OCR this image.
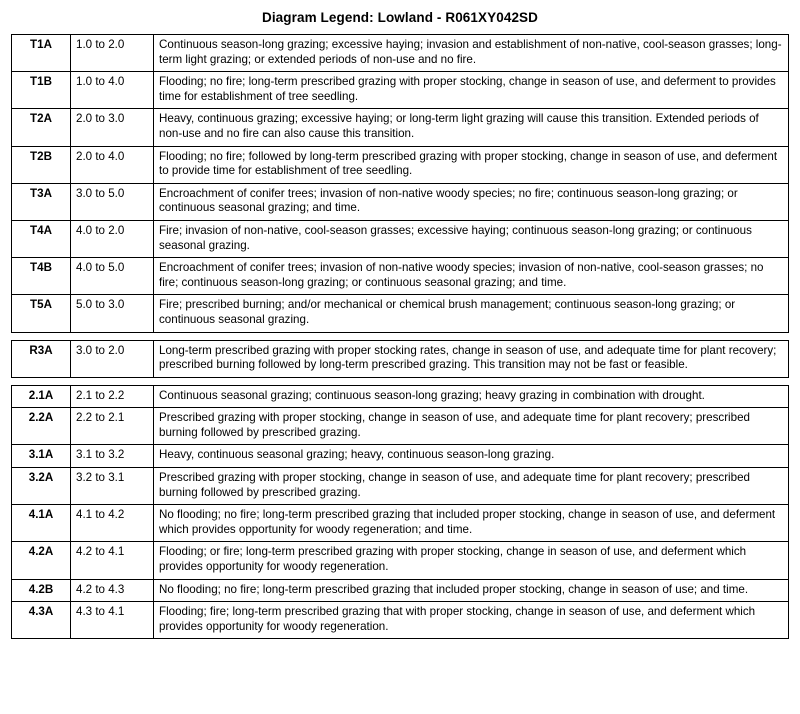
Diagram Legend: Lowland - R061XY042SD
T1A	1.0 to 2.0	Continuous season-long grazing; excessive haying; invasion and establishment of non-native, cool-season grasses; long-term light grazing; or extended periods of non-use and no fire.
T1B	1.0 to 4.0	Flooding; no fire; long-term prescribed grazing with proper stocking, change in season of use, and deferment to provides time for establishment of tree seedling.
T2A	2.0 to 3.0	Heavy, continuous grazing; excessive haying; or long-term light grazing will cause this transition. Extended periods of non-use and no fire can also cause this transition.
T2B	2.0 to 4.0	Flooding; no fire; followed by long-term prescribed grazing with proper stocking, change in season of use, and deferment to provide time for establishment of tree seedling.
T3A	3.0 to 5.0	Encroachment of conifer trees; invasion of non-native woody species; no fire; continuous season-long grazing; or continuous seasonal grazing; and time.
T4A	4.0 to 2.0	Fire; invasion of non-native, cool-season grasses; excessive haying; continuous season-long grazing; or continuous seasonal grazing.
T4B	4.0 to 5.0	Encroachment of conifer trees; invasion of non-native woody species; invasion of non-native, cool-season grasses; no fire; continuous season-long grazing; or continuous seasonal grazing; and time.
T5A	5.0 to 3.0	Fire; prescribed burning; and/or mechanical or chemical brush management; continuous season-long grazing; or continuous seasonal grazing.

R3A	3.0 to 2.0	Long-term prescribed grazing with proper stocking rates, change in season of use, and adequate time for plant recovery; prescribed burning followed by long-term prescribed grazing. This transition may not be fast or feasible.

2.1A	2.1 to 2.2	Continuous seasonal grazing; continuous season-long grazing; heavy grazing in combination with drought.
2.2A	2.2 to 2.1	Prescribed grazing with proper stocking, change in season of use, and adequate time for plant recovery; prescribed burning followed by prescribed grazing.
3.1A	3.1 to 3.2	Heavy, continuous seasonal grazing; heavy, continuous season-long grazing.
3.2A	3.2 to 3.1	Prescribed grazing with proper stocking, change in season of use, and adequate time for plant recovery; prescribed burning followed by prescribed grazing.
4.1A	4.1 to 4.2	No flooding; no fire; long-term prescribed grazing that included proper stocking, change in season of use, and deferment which provides opportunity for woody regeneration; and time.
4.2A	4.2 to 4.1	Flooding; or fire; long-term prescribed grazing with proper stocking, change in season of use, and deferment which provides opportunity for woody regeneration.
4.2B	4.2 to 4.3	No flooding; no fire; long-term prescribed grazing that included proper stocking, change in season of use; and time.
4.3A	4.3 to 4.1	Flooding; fire; long-term prescribed grazing that with proper stocking, change in season of use, and deferment which provides opportunity for woody regeneration.
